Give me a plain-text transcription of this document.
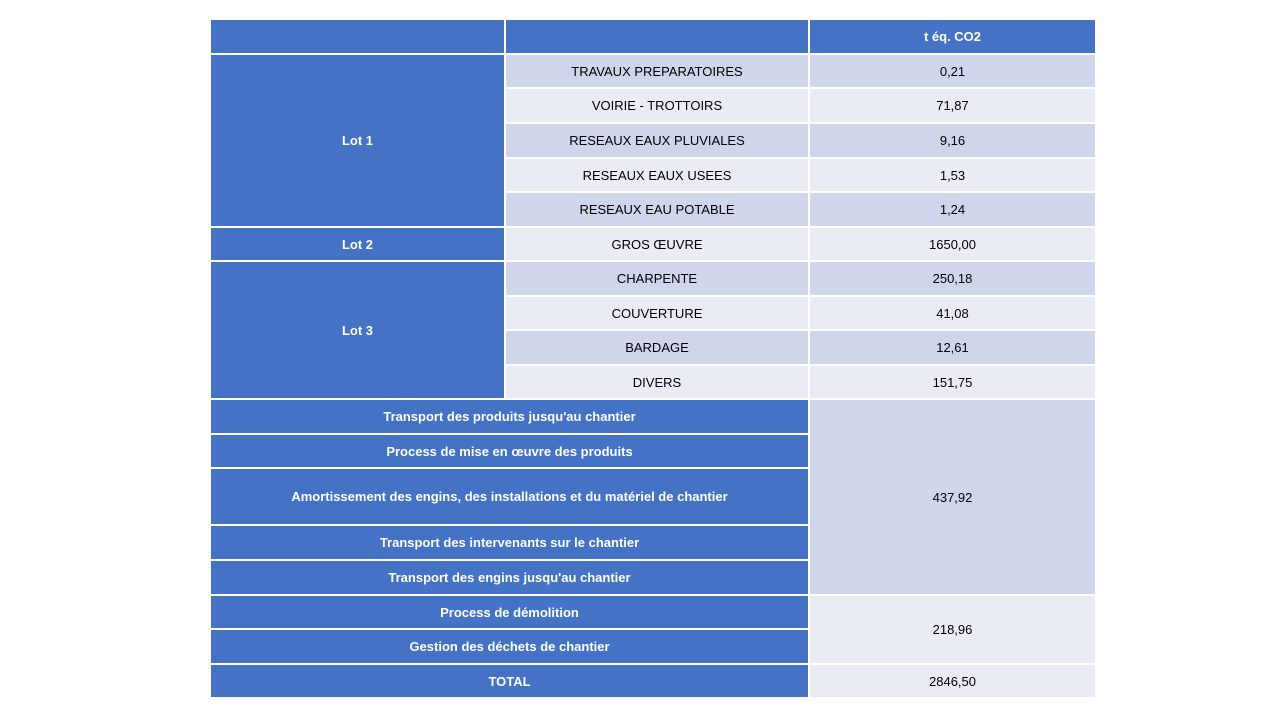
		t éq. CO2
Lot 1	TRAVAUX PREPARATOIRES	0,21
	VOIRIE - TROTTOIRS	71,87
	RESEAUX EAUX PLUVIALES	9,16
	RESEAUX EAUX USEES	1,53
	RESEAUX EAU POTABLE	1,24
Lot 2	GROS ŒUVRE	1650,00
Lot 3	CHARPENTE	250,18
	COUVERTURE	41,08
	BARDAGE	12,61
	DIVERS	151,75
Transport des produits jusqu'au chantier		437,92
Process de mise en œuvre des produits		
Amortissement des engins, des installations et du matériel de chantier		
Transport des intervenants sur le chantier		
Transport des engins jusqu'au chantier		
Process de démolition		218,96
Gestion des déchets de chantier		
TOTAL		2846,50
